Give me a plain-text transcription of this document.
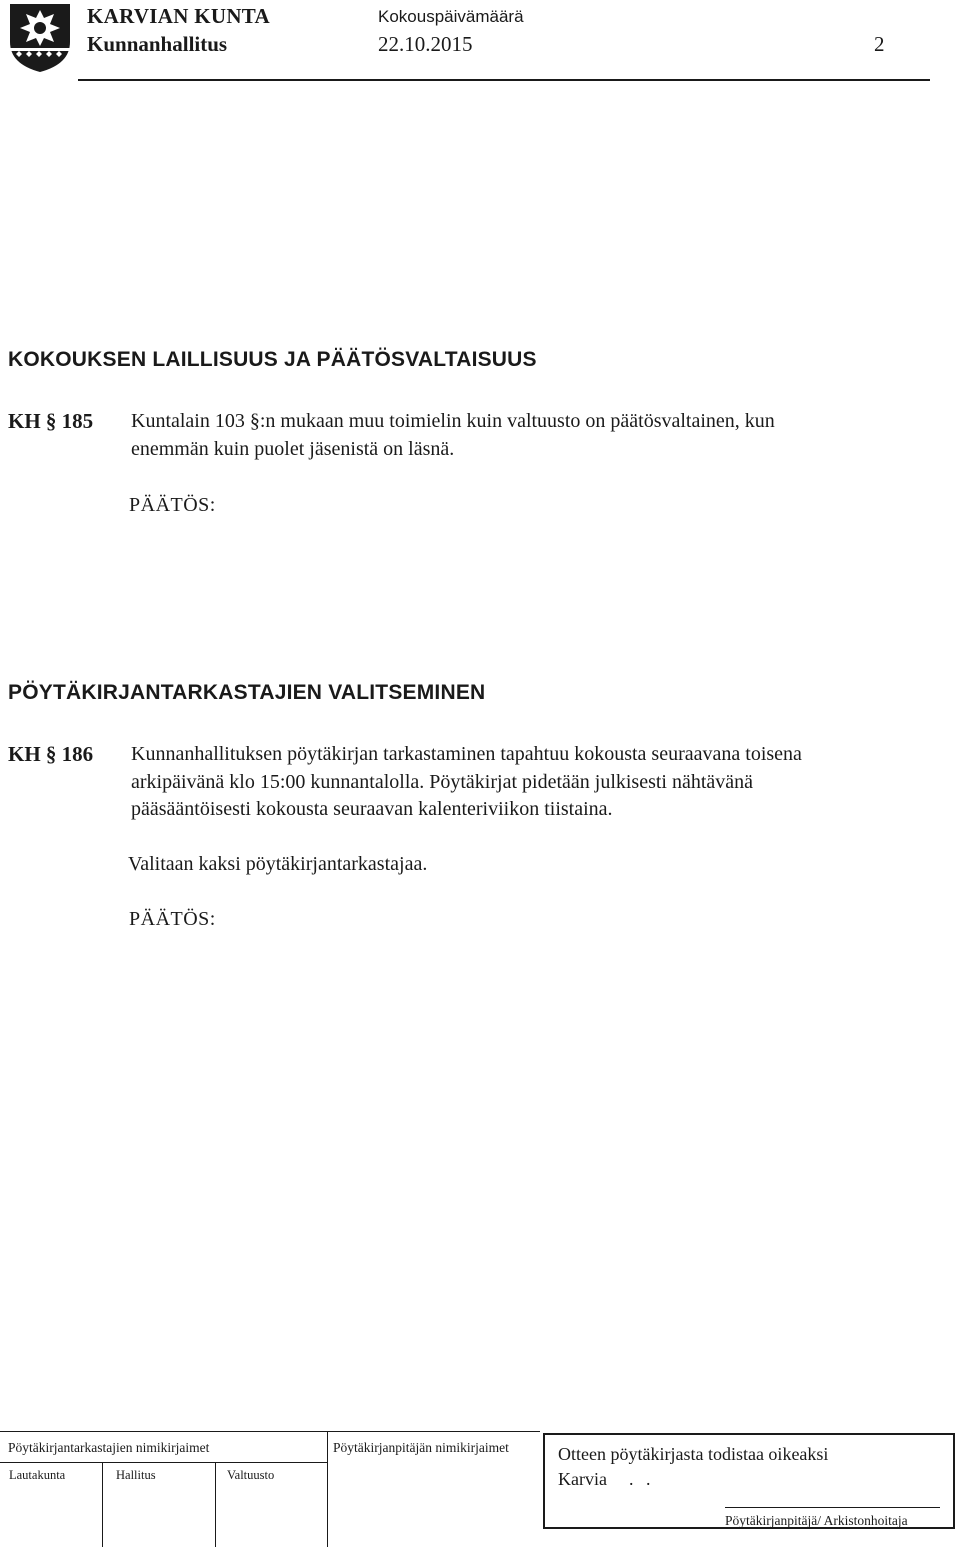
KARVIAN KUNTA
Kunnanhallitus
Kokouspäivämäärä
22.10.2015	2
KOKOUKSEN LAILLISUUS JA PÄÄTÖSVALTAISUUS
KH § 185 Kuntalain 103 §:n mukaan muu toimielin kuin valtuusto on päätösvaltainen, kun
enemmän kuin puolet jäsenistä on läsnä.
PÄÄTÖS:
PÖYTÄKIRJANTARKASTAJIEN VALITSEMINEN
KH § 186 Kunnanhallituksen pöytäkirjan tarkastaminen tapahtuu kokousta seuraavana toisena
arkipäivänä klo 15:00 kunnantalolla. Pöytäkirjat pidetään julkisesti nähtävänä
pääsääntöisesti kokousta seuraavan kalenteriviikon tiistaina.
Valitaan kaksi pöytäkirjantarkastajaa.
PÄÄTÖS:
Pöytäkirjantarkastajien nimikirjaimet	Pöytäkirjanpitäjän nimikirjaimet
Lautakunta	Hallitus	Valtuusto
Otteen pöytäkirjasta todistaa oikeaksi
Karvia . .
Pöytäkirjanpitäjä/ Arkistonhoitaja
